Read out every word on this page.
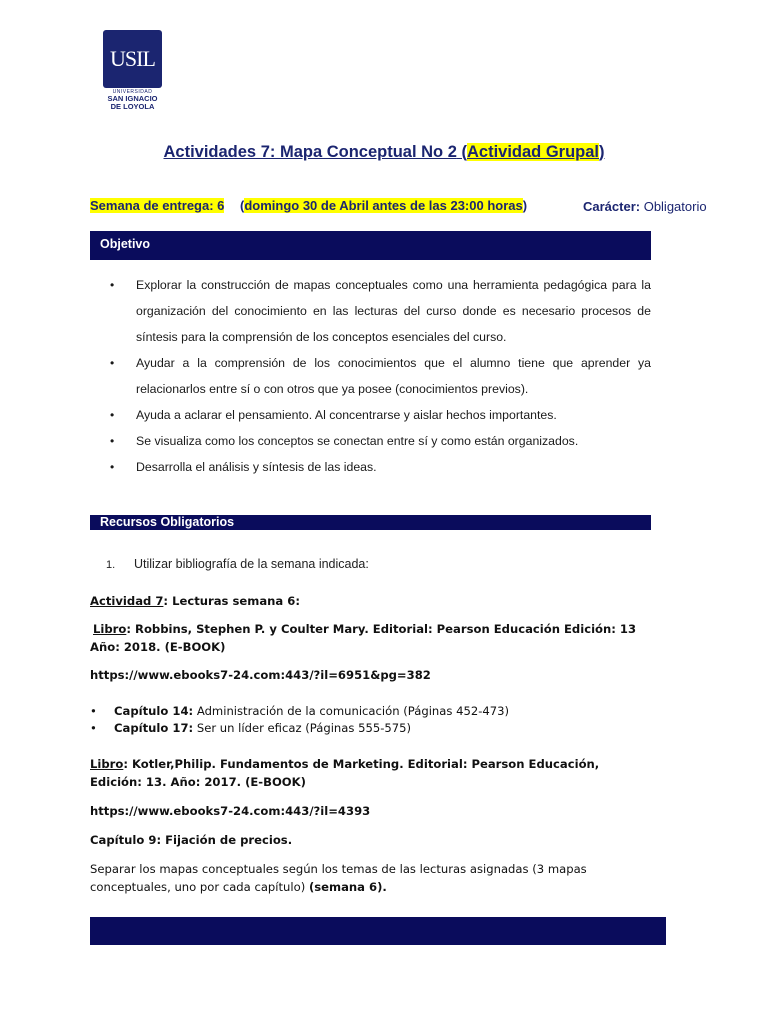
USIL
UNIVERSIDAD
SAN IGNACIO
DE LOYOLA
Actividades 7: Mapa Conceptual No 2 (Actividad Grupal)
Semana de entrega: 6 (domingo 30 de Abril antes de las 23:00 horas)	Carácter: Obligatorio
Objetivo
•	Explorar la construcción de mapas conceptuales como una herramienta pedagógica para la organización del conocimiento en las lecturas del curso donde es necesario procesos de síntesis para la comprensión de los conceptos esenciales del curso.
•	Ayudar a la comprensión de los conocimientos que el alumno tiene que aprender ya relacionarlos entre sí o con otros que ya posee (conocimientos previos).
•	Ayuda a aclarar el pensamiento. Al concentrarse y aislar hechos importantes.
•	Se visualiza como los conceptos se conectan entre sí y como están organizados.
•	Desarrolla el análisis y síntesis de las ideas.
Recursos Obligatorios
1. Utilizar bibliografía de la semana indicada:
Actividad 7: Lecturas semana 6:
Libro: Robbins, Stephen P. y Coulter Mary. Editorial: Pearson Educación Edición: 13 Año: 2018. (E-BOOK)
https://www.ebooks7-24.com:443/?il=6951&pg=382
•	Capítulo 14: Administración de la comunicación (Páginas 452-473)
•	Capítulo 17: Ser un líder eficaz (Páginas 555-575)
Libro: Kotler,Philip. Fundamentos de Marketing. Editorial: Pearson Educación, Edición: 13. Año: 2017. (E-BOOK)
https://www.ebooks7-24.com:443/?il=4393
Capítulo 9: Fijación de precios.
Separar los mapas conceptuales según los temas de las lecturas asignadas (3 mapas conceptuales, uno por cada capítulo) (semana 6).
